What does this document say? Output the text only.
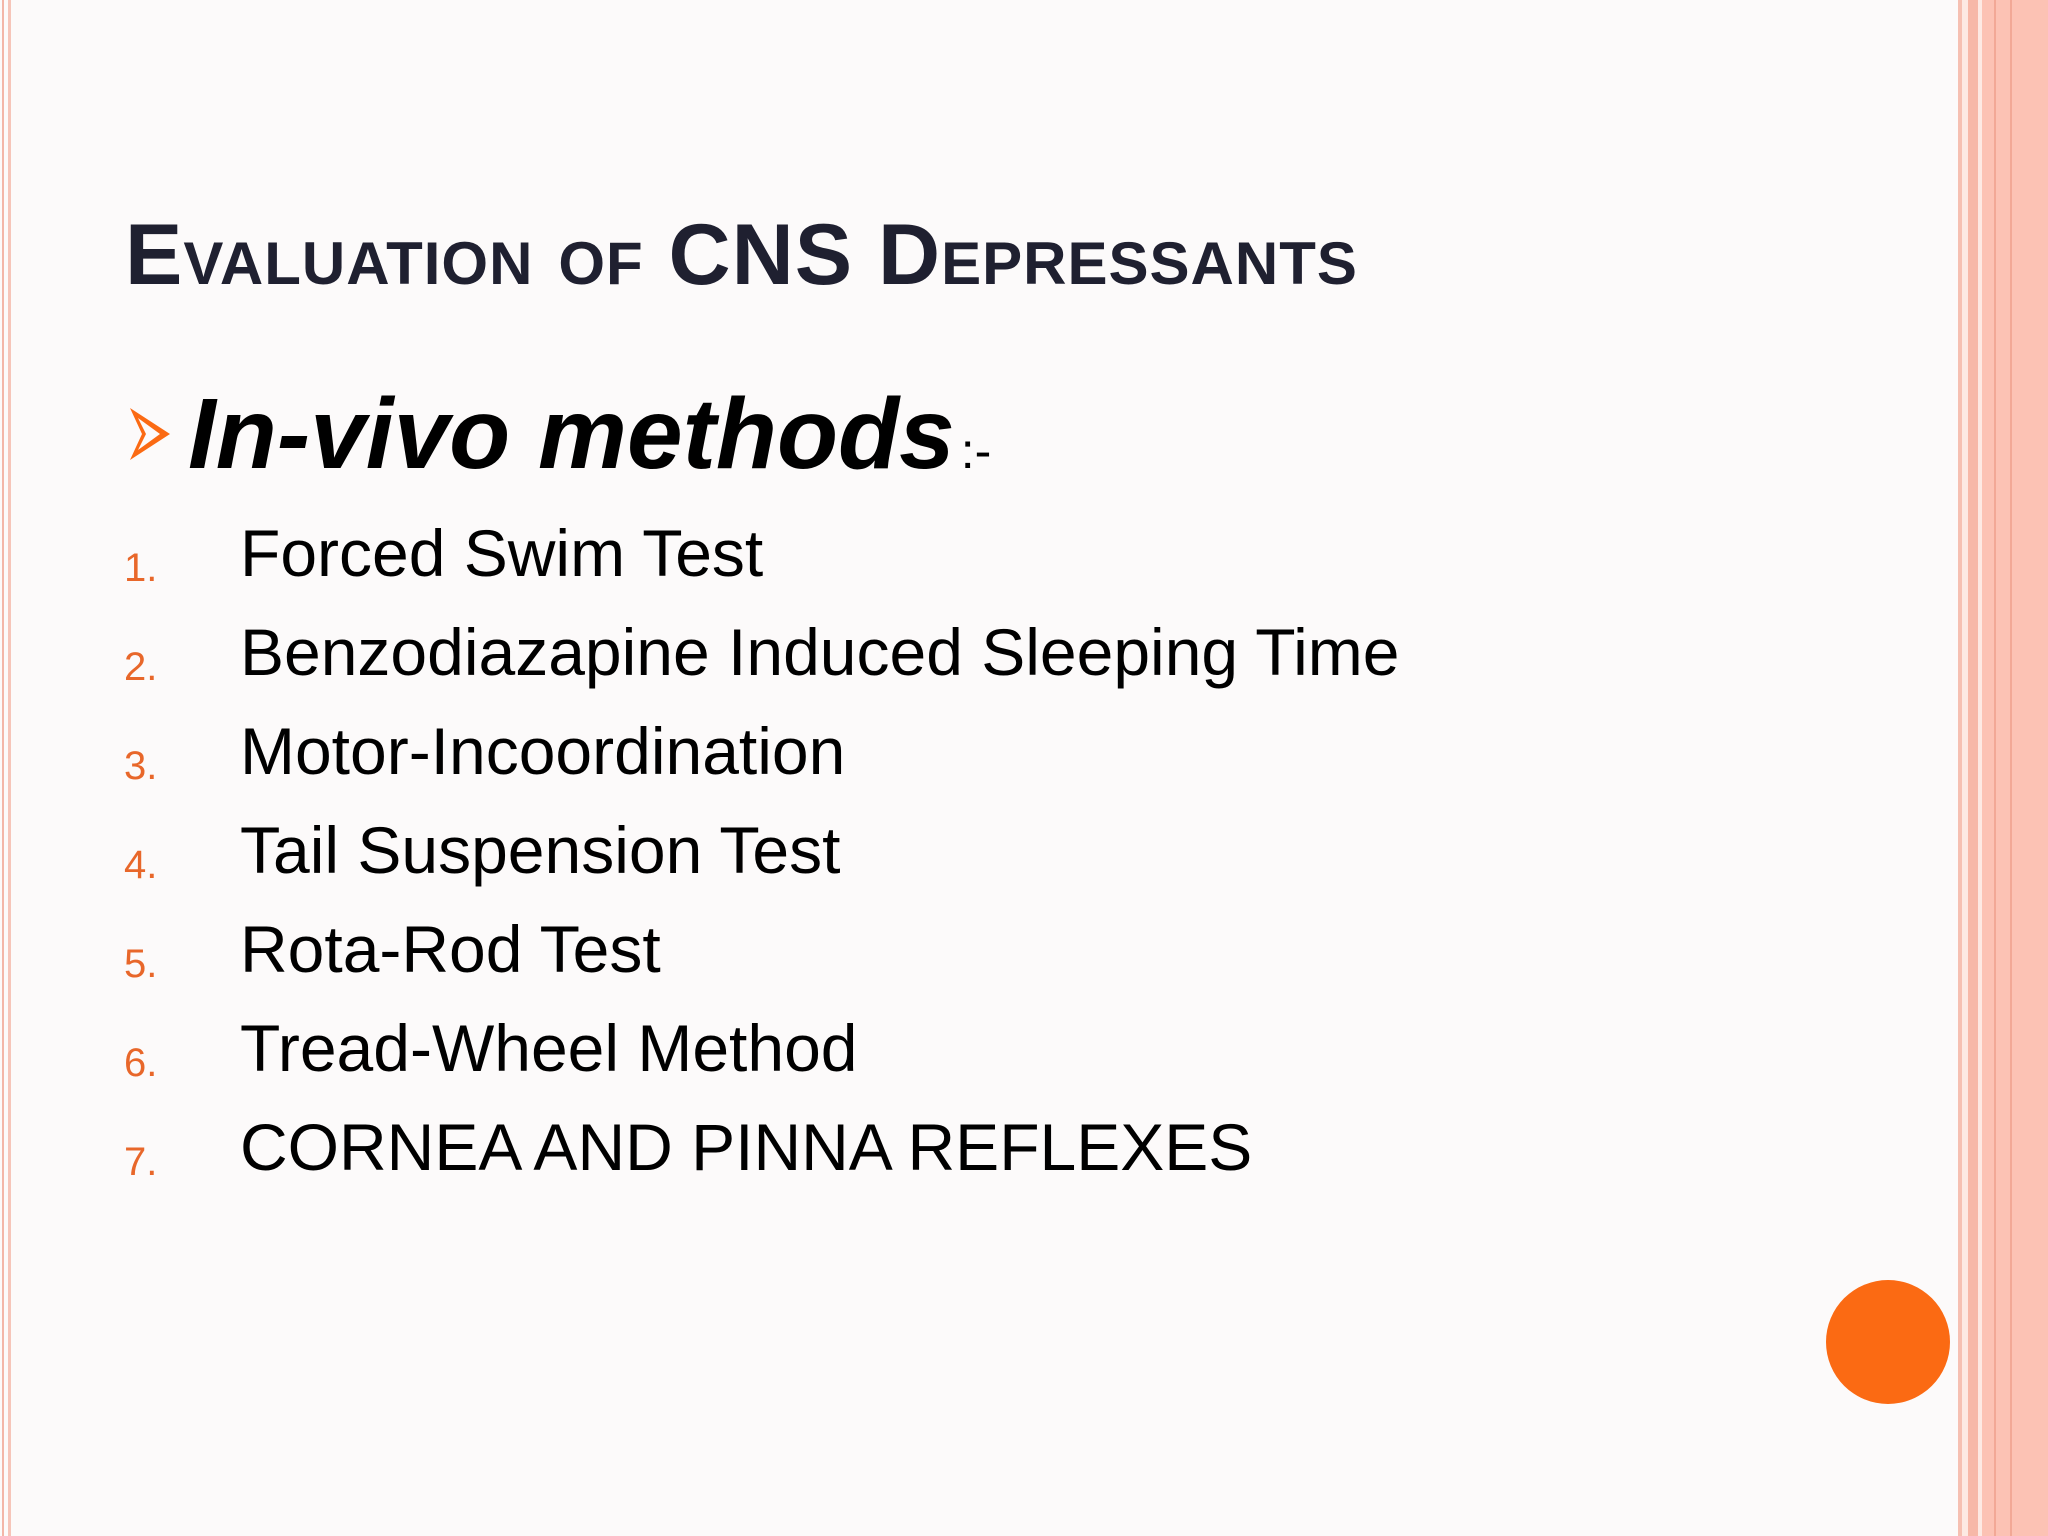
Evaluation of CNS Depressants
In-vivo methods :-
1. Forced Swim Test
2. Benzodiazapine Induced Sleeping Time
3. Motor-Incoordination
4. Tail Suspension Test
5. Rota-Rod Test
6. Tread-Wheel Method
7. CORNEA AND PINNA REFLEXES
